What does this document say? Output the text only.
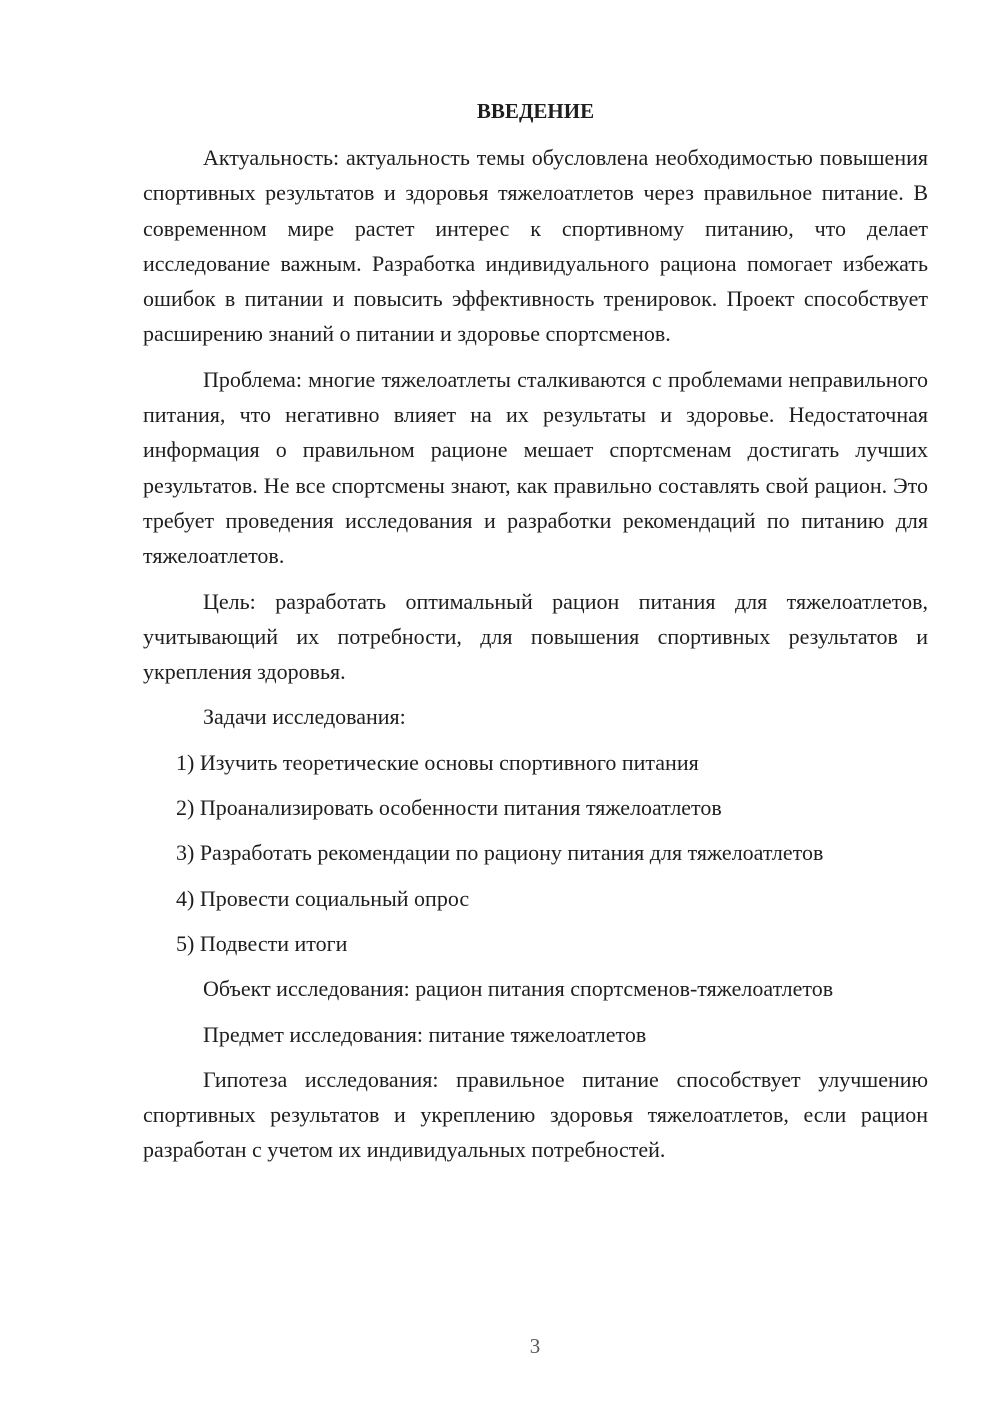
ВВЕДЕНИЕ

Актуальность: актуальность темы обусловлена необходимостью повышения спортивных результатов и здоровья тяжелоатлетов через правильное питание. В современном мире растет интерес к спортивному питанию, что делает исследование важным. Разработка индивидуального рациона помогает избежать ошибок в питании и повысить эффективность тренировок. Проект способствует расширению знаний о питании и здоровье спортсменов.

Проблема: многие тяжелоатлеты сталкиваются с проблемами неправильного питания, что негативно влияет на их результаты и здоровье. Недостаточная информация о правильном рационе мешает спортсменам достигать лучших результатов. Не все спортсмены знают, как правильно составлять свой рацион. Это требует проведения исследования и разработки рекомендаций по питанию для тяжелоатлетов.

Цель: разработать оптимальный рацион питания для тяжелоатлетов, учитывающий их потребности, для повышения спортивных результатов и укрепления здоровья.

Задачи исследования:

1) Изучить теоретические основы спортивного питания

2) Проанализировать особенности питания тяжелоатлетов

3) Разработать рекомендации по рациону питания для тяжелоатлетов

4) Провести социальный опрос

5) Подвести итоги

Объект исследования: рацион питания спортсменов-тяжелоатлетов

Предмет исследования: питание тяжелоатлетов

Гипотеза исследования: правильное питание способствует улучшению спортивных результатов и укреплению здоровья тяжелоатлетов, если рацион разработан с учетом их индивидуальных потребностей.

3
